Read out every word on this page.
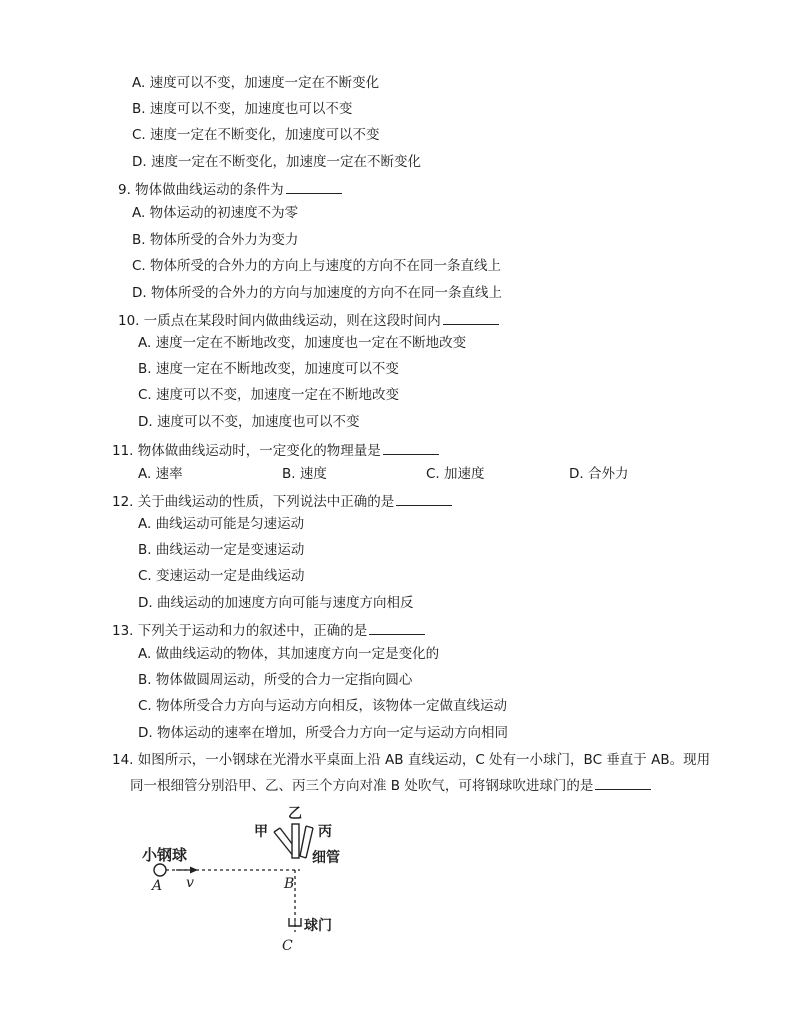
A. 速度可以不变，加速度一定在不断变化
B. 速度可以不变，加速度也可以不变
C. 速度一定在不断变化，加速度可以不变
D. 速度一定在不断变化，加速度一定在不断变化
9. 物体做曲线运动的条件为
A. 物体运动的初速度不为零
B. 物体所受的合外力为变力
C. 物体所受的合外力的方向上与速度的方向不在同一条直线上
D. 物体所受的合外力的方向与加速度的方向不在同一条直线上
10. 一质点在某段时间内做曲线运动，则在这段时间内
A. 速度一定在不断地改变，加速度也一定在不断地改变
B. 速度一定在不断地改变，加速度可以不变
C. 速度可以不变，加速度一定在不断地改变
D. 速度可以不变，加速度也可以不变
11. 物体做曲线运动时，一定变化的物理量是
A. 速率	B. 速度	C. 加速度	D. 合外力
12. 关于曲线运动的性质，下列说法中正确的是
A. 曲线运动可能是匀速运动
B. 曲线运动一定是变速运动
C. 变速运动一定是曲线运动
D. 曲线运动的加速度方向可能与速度方向相反
13. 下列关于运动和力的叙述中，正确的是
A. 做曲线运动的物体，其加速度方向一定是变化的
B. 物体做圆周运动，所受的合力一定指向圆心
C. 物体所受合力方向与运动方向相反，该物体一定做直线运动
D. 物体运动的速率在增加，所受合力方向一定与运动方向相同
14. 如图所示，一小钢球在光滑水平桌面上沿 AB 直线运动，C 处有一小球门，BC 垂直于 AB。现用
同一根细管分别沿甲、乙、丙三个方向对准 B 处吹气，可将钢球吹进球门的是
小钢球
A v	B
C
甲
乙
丙
细管
球门
